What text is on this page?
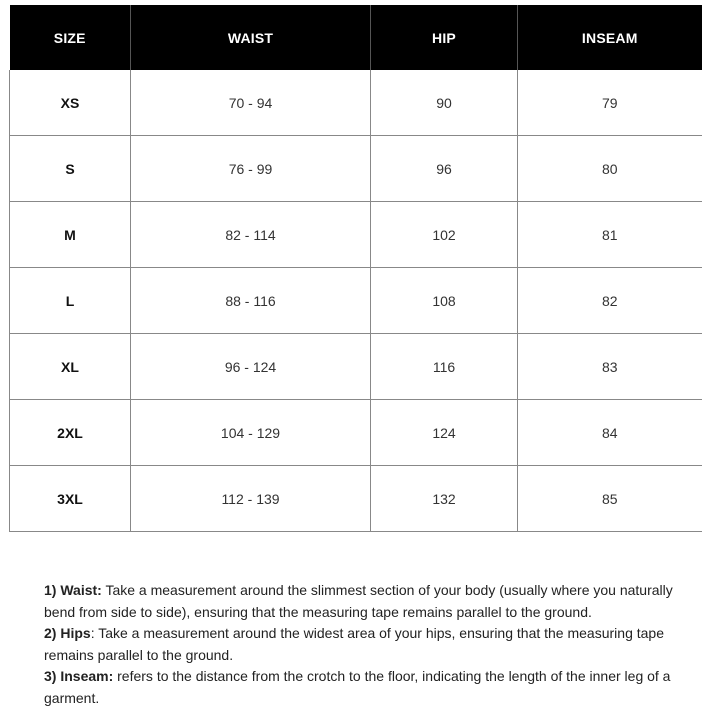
SIZE	WAIST	HIP	INSEAM
XS	70 - 94	90	79
S	76 - 99	96	80
M	82 - 114	102	81
L	88 - 116	108	82
XL	96 - 124	116	83
2XL	104 - 129	124	84
3XL	112 - 139	132	85

1) Waist: Take a measurement around the slimmest section of your body (usually where you naturally bend from side to side), ensuring that the measuring tape remains parallel to the ground.

2) Hips: Take a measurement around the widest area of your hips, ensuring that the measuring tape remains parallel to the ground.

3) Inseam: refers to the distance from the crotch to the floor, indicating the length of the inner leg of a garment.
